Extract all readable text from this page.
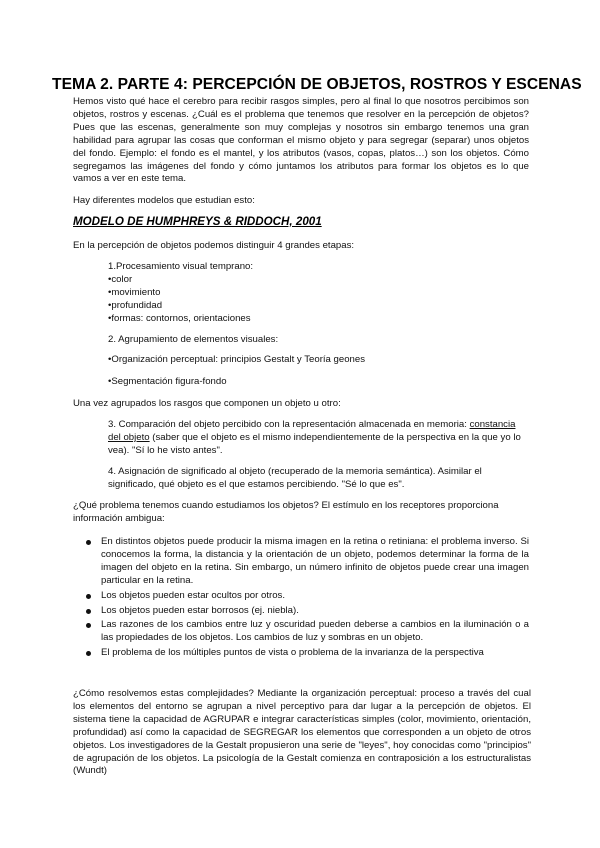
TEMA 2. PARTE 4: PERCEPCIÓN DE OBJETOS, ROSTROS Y ESCENAS

Hemos visto qué hace el cerebro para recibir rasgos simples, pero al final lo que nosotros percibimos son objetos, rostros y escenas. ¿Cuál es el problema que tenemos que resolver en la percepción de objetos? Pues que las escenas, generalmente son muy complejas y nosotros sin embargo tenemos una gran habilidad para agrupar las cosas que conforman el mismo objeto y para segregar (separar) unos objetos del fondo. Ejemplo: el fondo es el mantel, y los atributos (vasos, copas, platos…) son los objetos. Cómo segregamos las imágenes del fondo y cómo juntamos los atributos para formar los objetos es lo que vamos a ver en este tema.

Hay diferentes modelos que estudian esto:

MODELO DE HUMPHREYS & RIDDOCH, 2001

En la percepción de objetos podemos distinguir 4 grandes etapas:

1.Procesamiento visual temprano:
• color
• movimiento
• profundidad
• formas: contornos, orientaciones
2. Agrupamiento de elementos visuales:
• Organización perceptual: principios Gestalt y Teoría geones
• Segmentación figura-fondo

Una vez agrupados los rasgos que componen un objeto u otro:

3. Comparación del objeto percibido con la representación almacenada en memoria: constancia del objeto (saber que el objeto es el mismo independientemente de la perspectiva en la que yo lo vea). "Sí lo he visto antes".

4. Asignación de significado al objeto (recuperado de la memoria semántica). Asimilar el significado, qué objeto es el que estamos percibiendo. "Sé lo que es".

¿Qué problema tenemos cuando estudiamos los objetos? El estímulo en los receptores proporciona información ambigua:

En distintos objetos puede producir la misma imagen en la retina o retiniana: el problema inverso. Si conocemos la forma, la distancia y la orientación de un objeto, podemos determinar la forma de la imagen del objeto en la retina. Sin embargo, un número infinito de objetos puede crear una imagen particular en la retina.
Los objetos pueden estar ocultos por otros.
Los objetos pueden estar borrosos (ej. niebla).
Las razones de los cambios entre luz y oscuridad pueden deberse a cambios en la iluminación o a las propiedades de los objetos. Los cambios de luz y sombras en un objeto.
El problema de los múltiples puntos de vista o problema de la invarianza de la perspectiva

¿Cómo resolvemos estas complejidades? Mediante la organización perceptual: proceso a través del cual los elementos del entorno se agrupan a nivel perceptivo para dar lugar a la percepción de objetos. El sistema tiene la capacidad de AGRUPAR e integrar características simples (color, movimiento, orientación, profundidad) así como la capacidad de SEGREGAR los elementos que corresponden a un objeto de otros objetos. Los investigadores de la Gestalt propusieron una serie de "leyes", hoy conocidas como "principios" de agrupación de los objetos. La psicología de la Gestalt comienza en contraposición a los estructuralistas (Wundt)
